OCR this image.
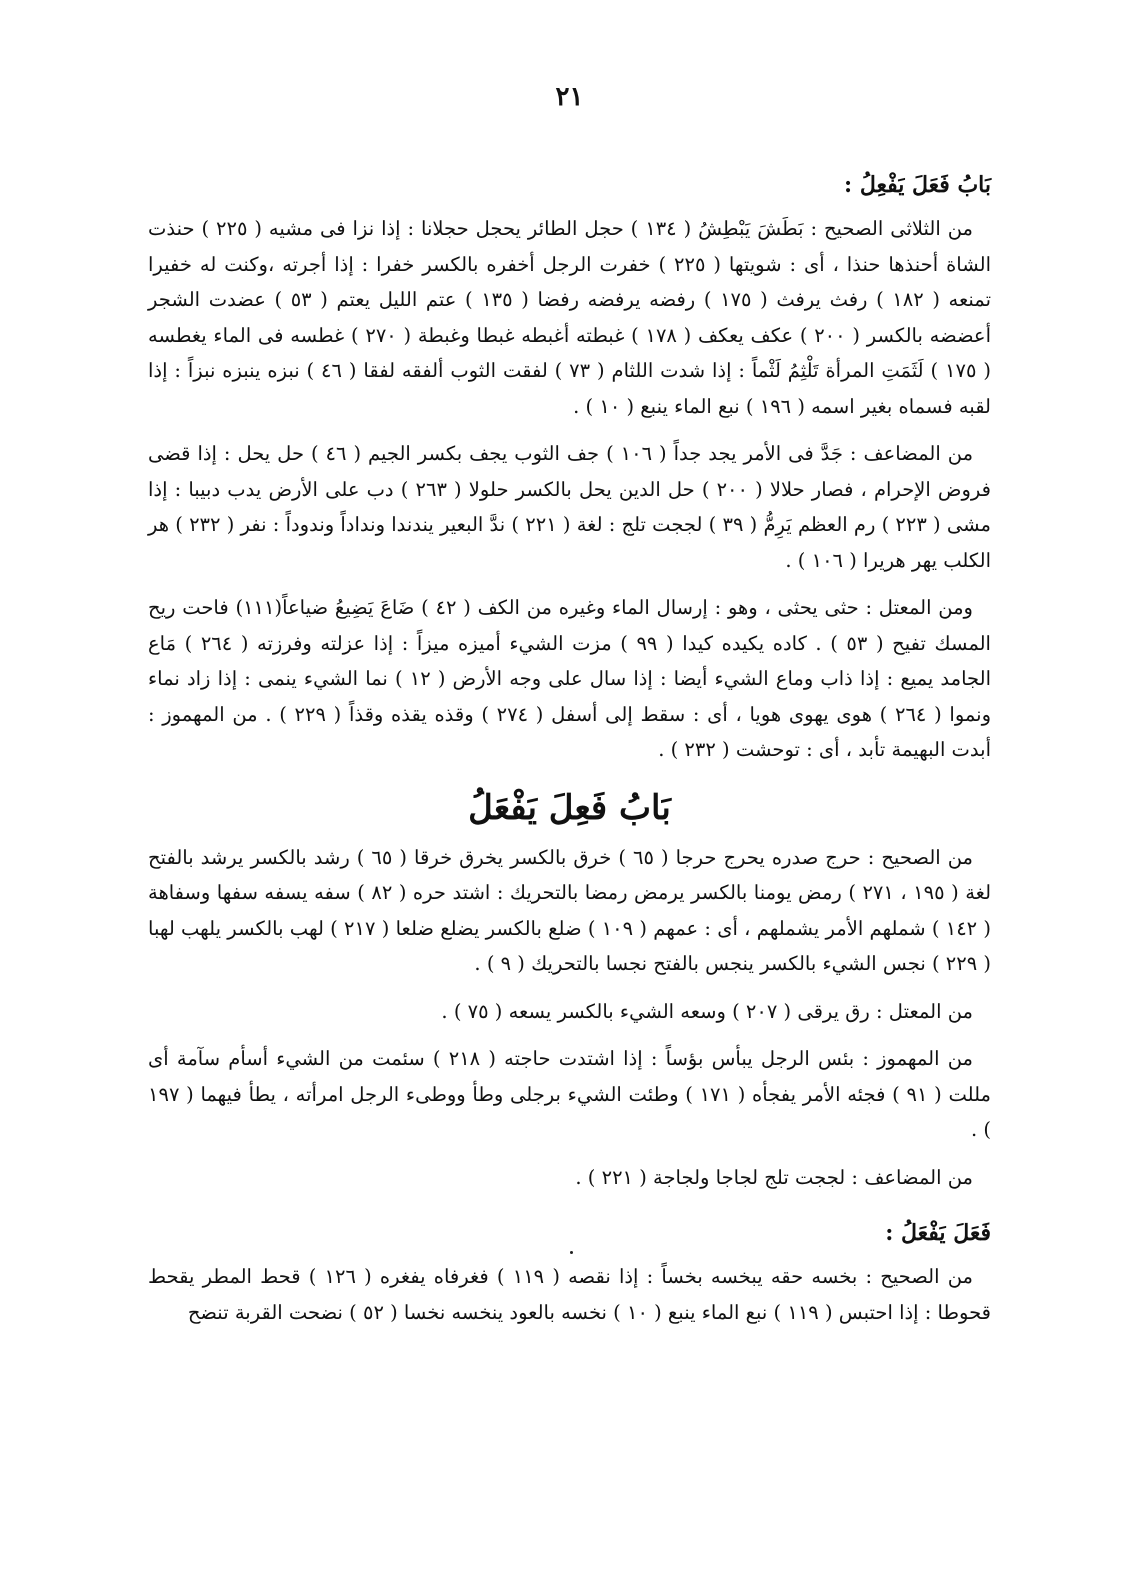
٢١
بَابُ فَعَلَ يَفْعِلُ :

من الثلاثى الصحيح : بَطَشَ يَبْطِشُ ( ١٣٤ ) حجل الطائر يحجل حجلانا : إذا نزا فى مشيه ( ٢٢٥ ) حنذت الشاة أحنذها حنذا ، أى : شويتها ( ٢٢٥ ) خفرت الرجل أخفره بالكسر خفرا : إذا أجرته ،وكنت له خفيرا تمنعه ( ١٨٢ ) رفث يرفث ( ١٧٥ ) رفضه يرفضه رفضا ( ١٣٥ ) عتم الليل يعتم ( ٥٣ ) عضدت الشجر أعضضه بالكسر ( ٢٠٠ ) عكف يعكف ( ١٧٨ ) غبطته أغبطه غبطا وغبطة ( ٢٧٠ ) غطسه فى الماء يغطسه ( ١٧٥ ) لَثَمَتِ المرأة تَلْثِمُ لَثْماً : إذا شدت اللثام ( ٧٣ ) لفقت الثوب ألفقه لفقا ( ٤٦ ) نبزه ينبزه نبزاً : إذا لقبه فسماه بغير اسمه ( ١٩٦ ) نبع الماء ينبع ( ١٠ ) .

من المضاعف : جَدَّ فى الأمر يجد جداً ( ١٠٦ ) جف الثوب يجف بكسر الجيم ( ٤٦ ) حل يحل : إذا قضى فروض الإحرام ، فصار حلالا ( ٢٠٠ ) حل الدين يحل بالكسر حلولا ( ٢٦٣ ) دب على الأرض يدب دبيبا : إذا مشى ( ٢٢٣ ) رم العظم يَرِمُّ ( ٣٩ ) لججت تلج : لغة ( ٢٢١ ) ندَّ البعير يندندا ونداداً وندوداً : نفر ( ٢٣٢ ) هر الكلب يهر هريرا ( ١٠٦ ) .

ومن المعتل : حثى يحثى ، وهو : إرسال الماء وغيره من الكف ( ٤٢ ) ضَاعَ يَضِيعُ ضياعاً(١١١) فاحت ريح المسك تفيح ( ٥٣ ) . كاده يكيده كيدا ( ٩٩ ) مزت الشيء أميزه ميزاً : إذا عزلته وفرزته ( ٢٦٤ ) مَاع الجامد يميع : إذا ذاب وماع الشيء أيضا : إذا سال على وجه الأرض ( ١٢ ) نما الشيء ينمى : إذا زاد نماء ونموا ( ٢٦٤ ) هوى يهوى هويا ، أى : سقط إلى أسفل ( ٢٧٤ ) وقذه يقذه وقذاً ( ٢٢٩ ) . من المهموز : أبدت البهيمة تأبد ، أى : توحشت ( ٢٣٢ ) .

بَابُ فَعِلَ يَفْعَلُ

من الصحيح : حرج صدره يحرج حرجا ( ٦٥ ) خرق بالكسر يخرق خرقا ( ٦٥ ) رشد بالكسر يرشد بالفتح لغة ( ١٩٥ ، ٢٧١ ) رمض يومنا بالكسر يرمض رمضا بالتحريك : اشتد حره ( ٨٢ ) سفه يسفه سفها وسفاهة ( ١٤٢ ) شملهم الأمر يشملهم ، أى : عمهم ( ١٠٩ ) ضلع بالكسر يضلع ضلعا ( ٢١٧ ) لهب بالكسر يلهب لهبا ( ٢٢٩ ) نجس الشيء بالكسر ينجس بالفتح نجسا بالتحريك ( ٩ ) .

من المعتل : رق يرقى ( ٢٠٧ ) وسعه الشيء بالكسر يسعه ( ٧٥ ) .

من المهموز : بئس الرجل يبأس بؤساً : إذا اشتدت حاجته ( ٢١٨ ) سئمت من الشيء أسأم سآمة أى مللت ( ٩١ ) فجئه الأمر يفجأه ( ١٧١ ) وطئت الشيء برجلى وطأ ووطىء الرجل امرأته ، يطأ فيهما ( ١٩٧ ) .

من المضاعف : لججت تلج لجاجا ولجاجة ( ٢٢١ ) .

فَعَلَ يَفْعَلُ :

من الصحيح : بخسه حقه يبخسه بخساً : إذا نقصه ( ١١٩ ) فغرفاه يفغره ( ١٢٦ ) قحط المطر يقحط قحوطا : إذا احتبس ( ١١٩ ) نبع الماء ينبع ( ١٠ ) نخسه بالعود ينخسه نخسا ( ٥٢ ) نضحت القربة تنضح
